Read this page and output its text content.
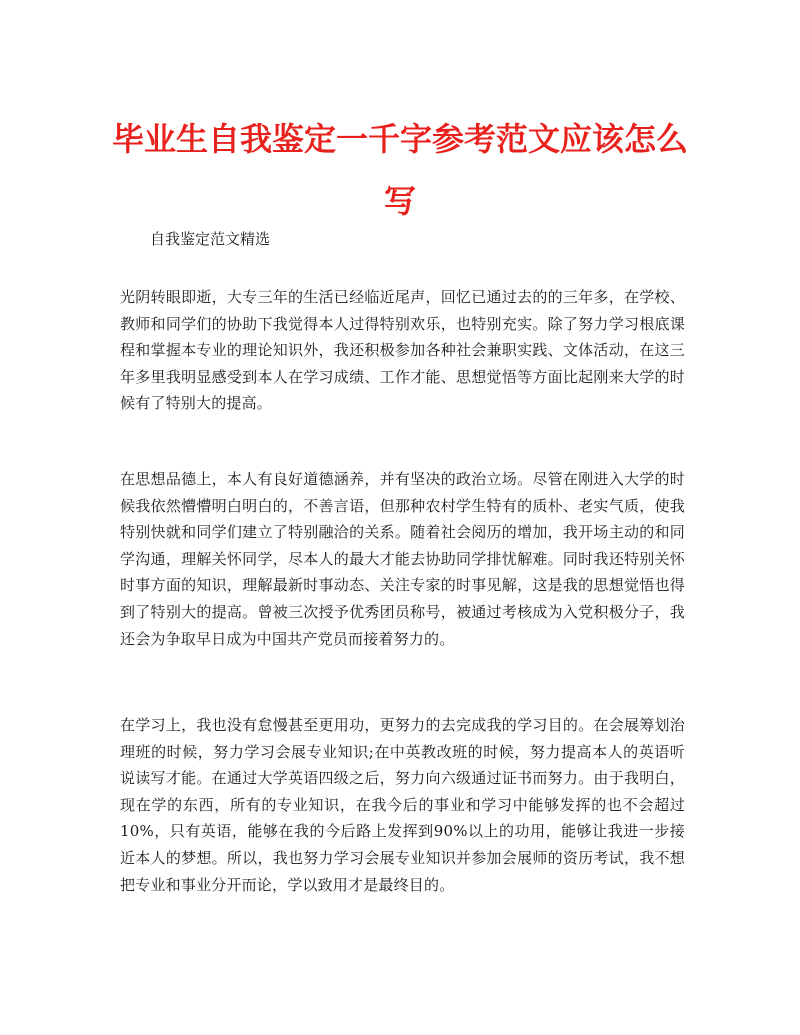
毕业生自我鉴定一千字参考范文应该怎么写

自我鉴定范文精选

光阴转眼即逝，大专三年的生活已经临近尾声，回忆已通过去的的三年多，在学校、教师和同学们的协助下我觉得本人过得特别欢乐，也特别充实。除了努力学习根底课程和掌握本专业的理论知识外，我还积极参加各种社会兼职实践、文体活动，在这三年多里我明显感受到本人在学习成绩、工作才能、思想觉悟等方面比起刚来大学的时候有了特别大的提高。

在思想品德上，本人有良好道德涵养，并有坚决的政治立场。尽管在刚进入大学的时候我依然懵懵明白明白的，不善言语，但那种农村学生特有的质朴、老实气质，使我特别快就和同学们建立了特别融洽的关系。随着社会阅历的增加，我开场主动的和同学沟通，理解关怀同学，尽本人的最大才能去协助同学排忧解难。同时我还特别关怀时事方面的知识，理解最新时事动态、关注专家的时事见解，这是我的思想觉悟也得到了特别大的提高。曾被三次授予优秀团员称号，被通过考核成为入党积极分子，我还会为争取早日成为中国共产党员而接着努力的。

在学习上，我也没有怠慢甚至更用功，更努力的去完成我的学习目的。在会展筹划治理班的时候，努力学习会展专业知识;在中英教改班的时候，努力提高本人的英语听说读写才能。在通过大学英语四级之后，努力向六级通过证书而努力。由于我明白，现在学的东西，所有的专业知识，在我今后的事业和学习中能够发挥的也不会超过10%，只有英语，能够在我的今后路上发挥到90%以上的功用，能够让我进一步接近本人的梦想。所以，我也努力学习会展专业知识并参加会展师的资历考试，我不想把专业和事业分开而论，学以致用才是最终目的。
